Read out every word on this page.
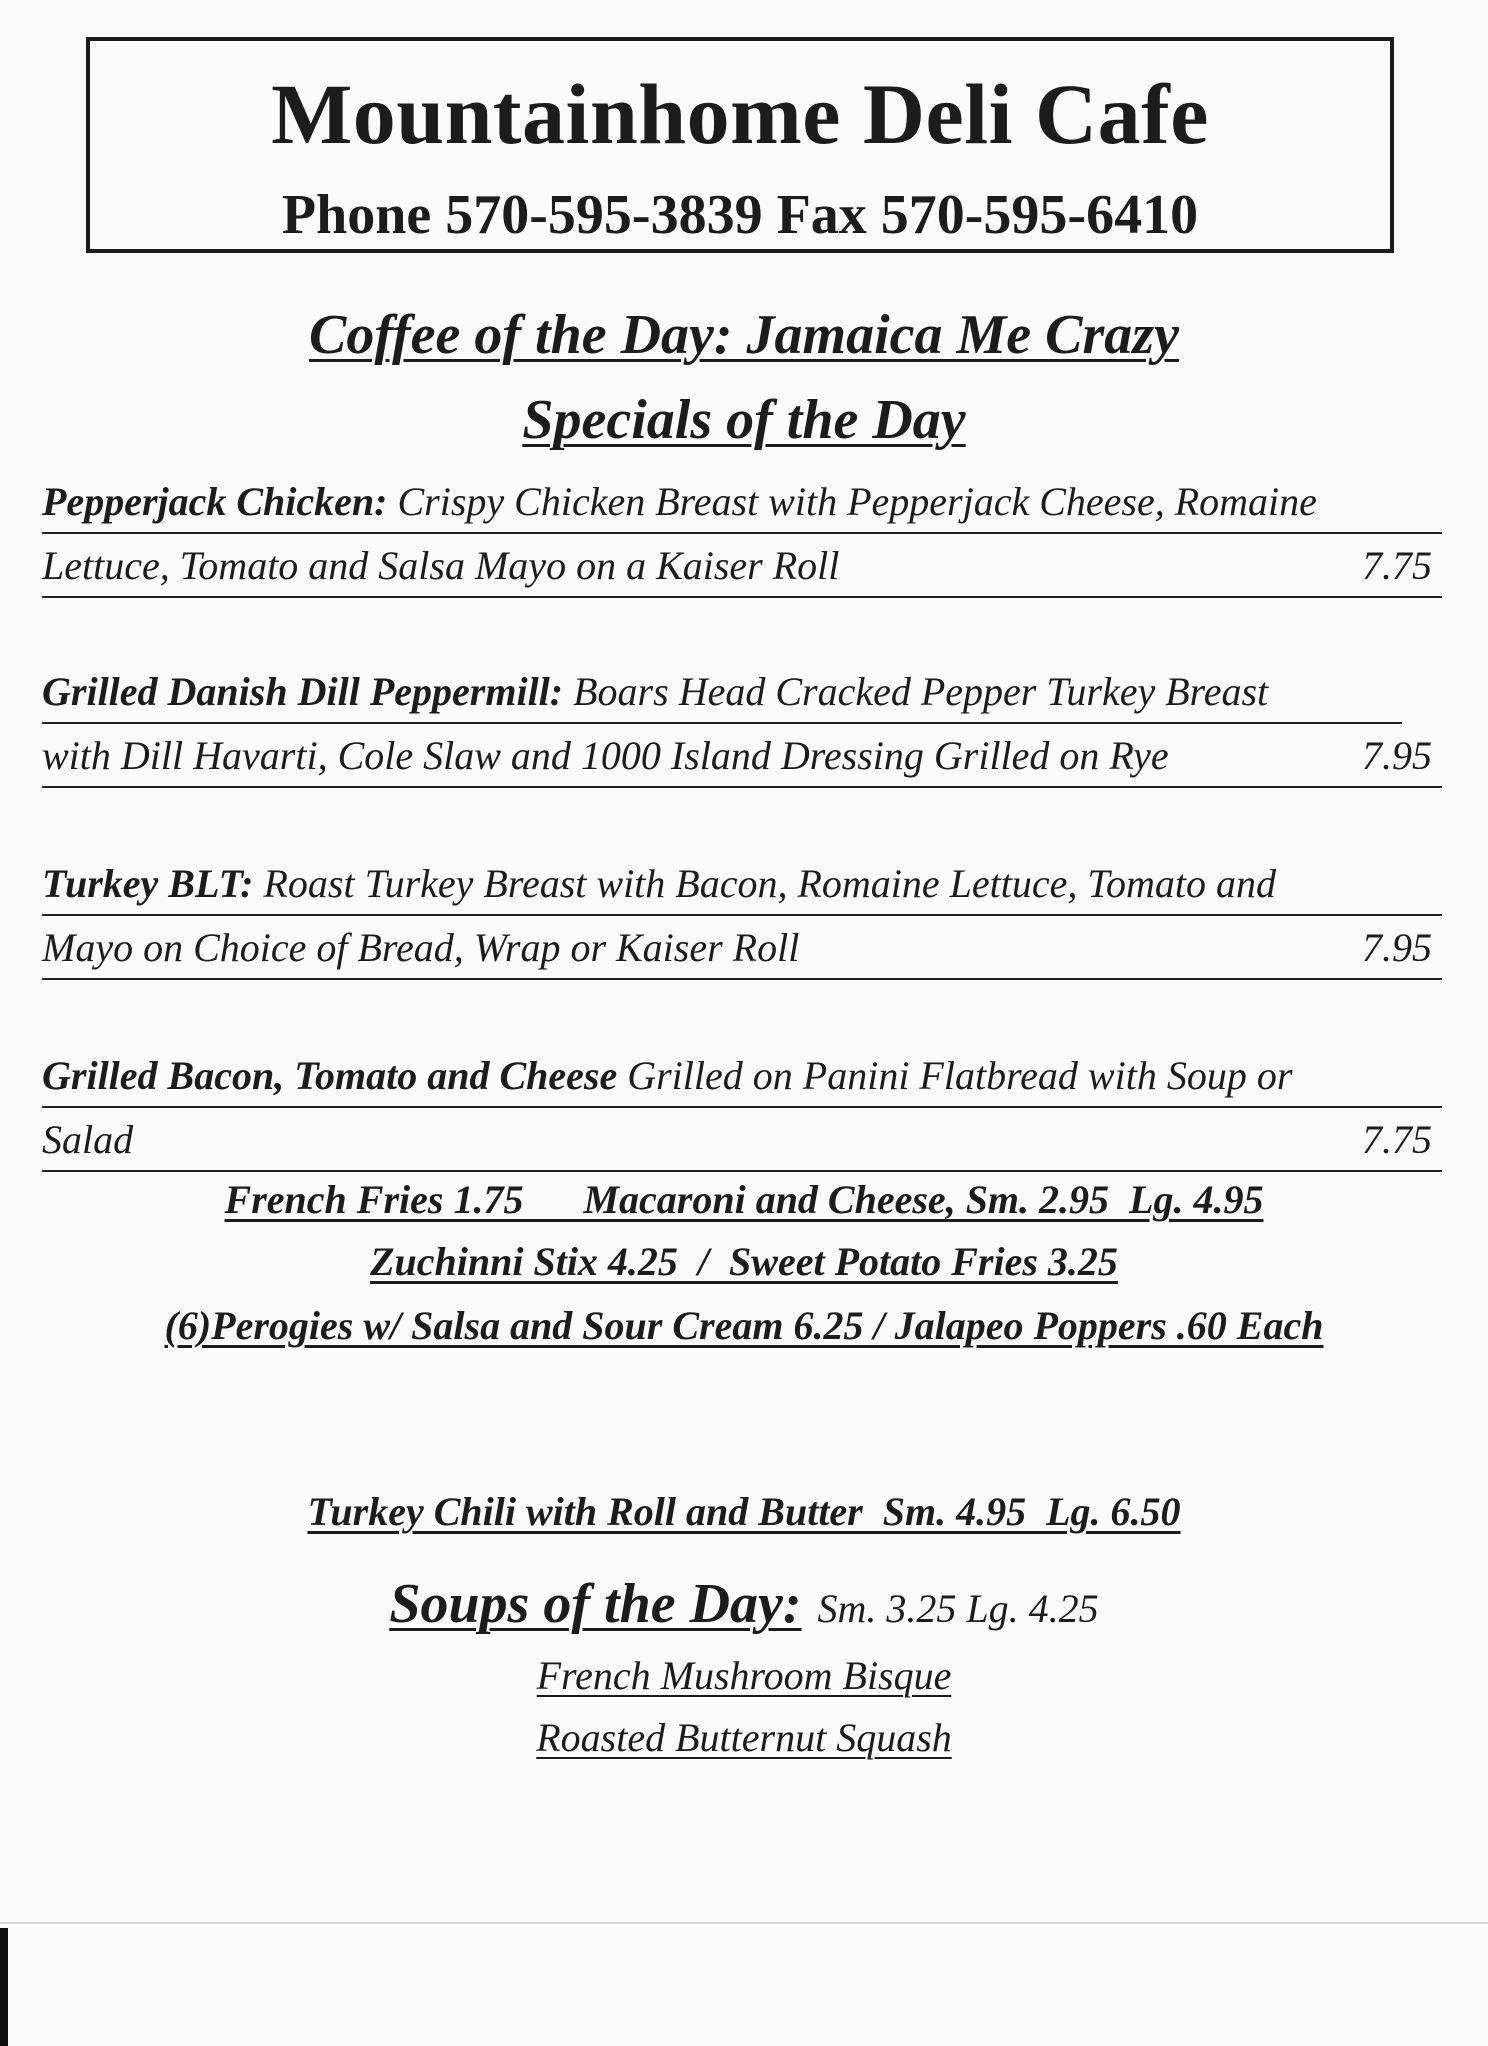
Mountainhome Deli Cafe
Phone 570-595-3839 Fax 570-595-6410
Coffee of the Day: Jamaica Me Crazy
Specials of the Day
Pepperjack Chicken: Crispy Chicken Breast with Pepperjack Cheese, Romaine
Lettuce, Tomato and Salsa Mayo on a Kaiser Roll	7.75
Grilled Danish Dill Peppermill: Boars Head Cracked Pepper Turkey Breast
with Dill Havarti, Cole Slaw and 1000 Island Dressing Grilled on Rye	7.95
Turkey BLT: Roast Turkey Breast with Bacon, Romaine Lettuce, Tomato and
Mayo on Choice of Bread, Wrap or Kaiser Roll	7.95
Grilled Bacon, Tomato and Cheese Grilled on Panini Flatbread with Soup or
Salad	7.75
French Fries 1.75      Macaroni and Cheese, Sm. 2.95  Lg. 4.95
Zuchinni Stix 4.25  /  Sweet Potato Fries 3.25
(6)Perogies w/ Salsa and Sour Cream 6.25 / Jalapeo Poppers .60 Each
Turkey Chili with Roll and Butter  Sm. 4.95  Lg. 6.50
Soups of the Day: Sm. 3.25 Lg. 4.25
French Mushroom Bisque
Roasted Butternut Squash
